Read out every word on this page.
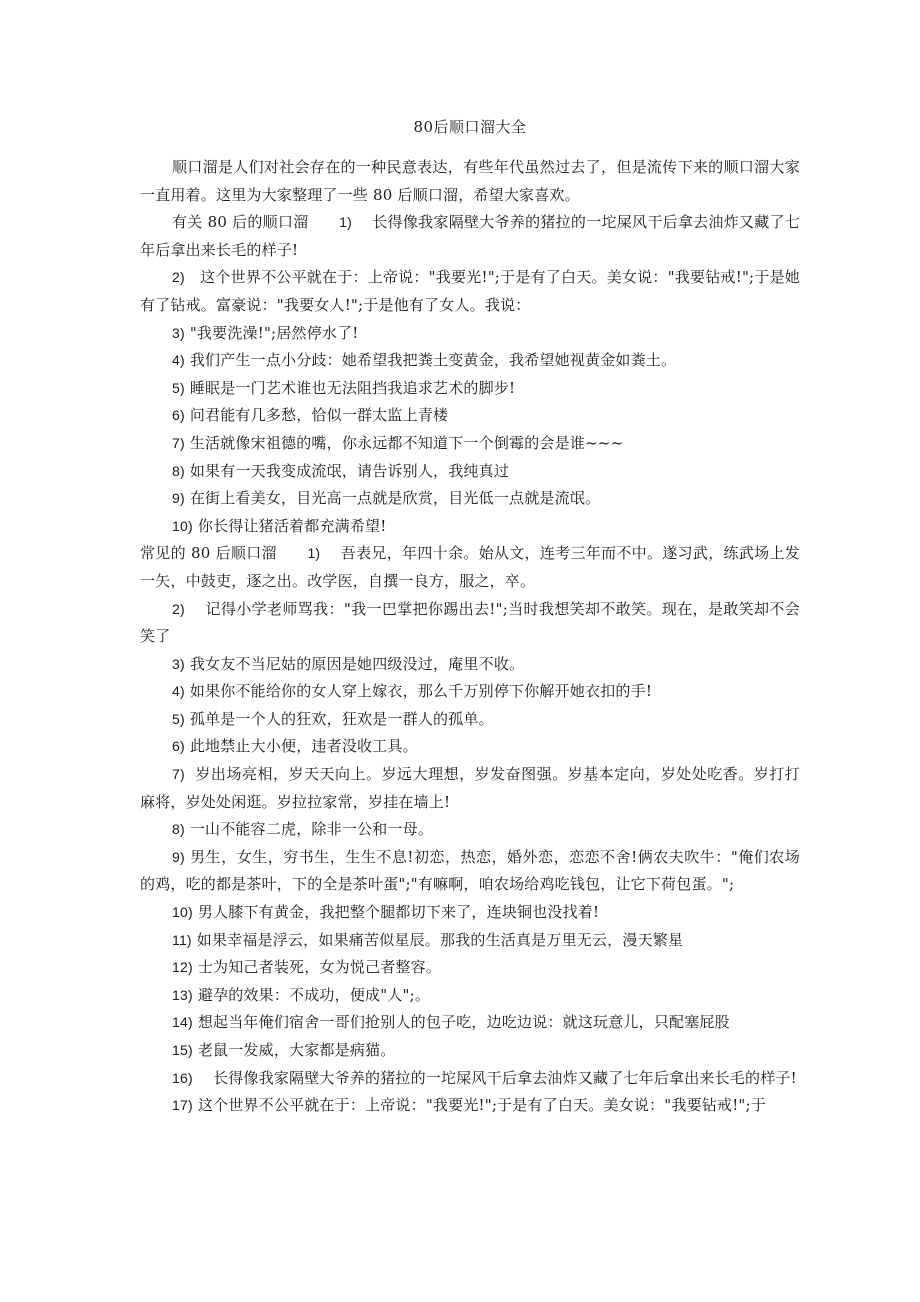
80后顺口溜大全

顺口溜是人们对社会存在的一种民意表达，有些年代虽然过去了，但是流传下来的顺口溜大家一直用着。这里为大家整理了一些 80 后顺口溜，希望大家喜欢。

有关 80 后的顺口溜　　 1)　 长得像我家隔壁大爷养的猪拉的一坨屎风干后拿去油炸又藏了七年后拿出来长毛的样子!

2)　 这个世界不公平就在于：上帝说："我要光!";于是有了白天。美女说："我要钻戒!";于是她有了钻戒。富豪说："我要女人!";于是他有了女人。我说：

3) "我要洗澡!";居然停水了!

4) 我们产生一点小分歧：她希望我把粪土变黄金，我希望她视黄金如粪土。

5) 睡眠是一门艺术谁也无法阻挡我追求艺术的脚步!

6) 问君能有几多愁，恰似一群太监上青楼

7) 生活就像宋祖德的嘴，你永远都不知道下一个倒霉的会是谁~~~

8) 如果有一天我变成流氓，请告诉别人，我纯真过

9) 在街上看美女，目光高一点就是欣赏，目光低一点就是流氓。

10) 你长得让猪活着都充满希望!

常见的 80 后顺口溜　　 1)　 吾表兄，年四十余。始从文，连考三年而不中。遂习武，练武场上发一矢，中鼓吏，逐之出。改学医，自撰一良方，服之，卒。

2)　 记得小学老师骂我："我一巴掌把你踢出去!";当时我想笑却不敢笑。现在，是敢笑却不会笑了

3) 我女友不当尼姑的原因是她四级没过，庵里不收。

4) 如果你不能给你的女人穿上嫁衣，那么千万别停下你解开她衣扣的手!

5) 孤单是一个人的狂欢，狂欢是一群人的孤单。

6) 此地禁止大小便，违者没收工具。

7) 岁出场亮相，岁天天向上。岁远大理想，岁发奋图强。岁基本定向，岁处处吃香。岁打打麻将，岁处处闲逛。岁拉拉家常，岁挂在墙上!

8) 一山不能容二虎，除非一公和一母。

9) 男生，女生，穷书生，生生不息!初恋，热恋，婚外恋，恋恋不舍!俩农夫吹牛："俺们农场的鸡，吃的都是茶叶，下的全是茶叶蛋";"有嘛啊，咱农场给鸡吃钱包，让它下荷包蛋。";

10) 男人膝下有黄金，我把整个腿都切下来了，连块铜也没找着!

11) 如果幸福是浮云，如果痛苦似星辰。那我的生活真是万里无云，漫天繁星

12) 士为知己者装死，女为悦己者整容。

13) 避孕的效果：不成功，便成"人";。

14) 想起当年俺们宿舍一哥们抢别人的包子吃，边吃边说：就这玩意儿，只配塞屁股

15) 老鼠一发威，大家都是病猫。

16)　 长得像我家隔壁大爷养的猪拉的一坨屎风干后拿去油炸又藏了七年后拿出来长毛的样子!

17) 这个世界不公平就在于：上帝说："我要光!";于是有了白天。美女说："我要钻戒!";于
